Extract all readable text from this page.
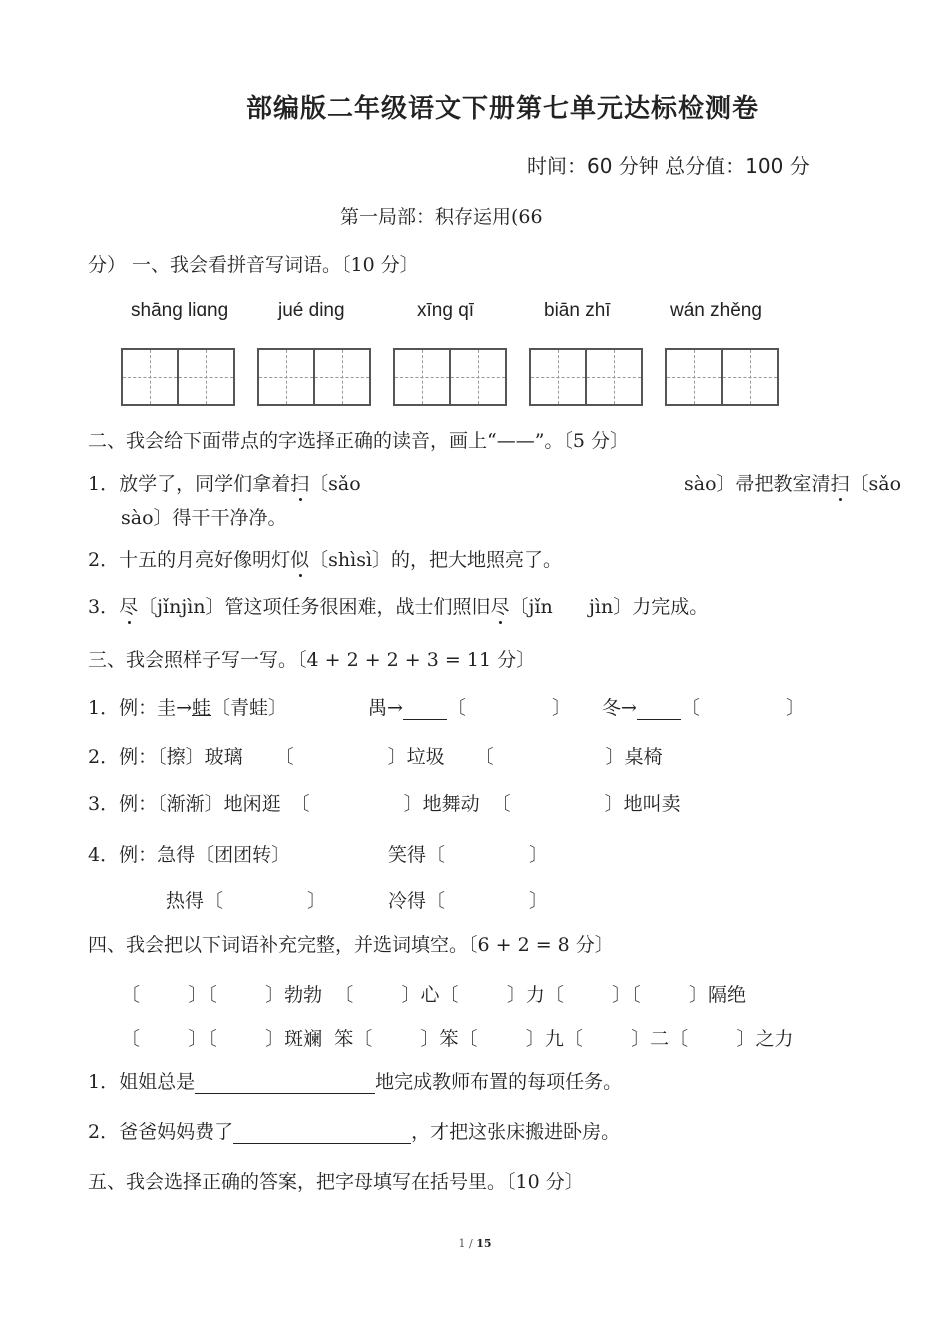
部编版二年级语文下册第七单元达标检测卷
时间：60 分钟 总分值：100 分
第一局部：积存运用(66
分） 一、我会看拼音写词语。〔10 分〕
shāng liɑng	jué ding	xīng qī	biān zhī	wán zhěng
二、我会给下面带点的字选择正确的读音，画上“——”。〔5 分〕
1．放学了，同学们拿着扫〔sǎo	sào〕帚把教室清扫〔sǎo
sào〕得干干净净。
2．十五的月亮好像明灯似〔shìsì〕的，把大地照亮了。
3．尽〔jǐnjìn〕管这项任务很困难，战士们照旧尽〔jǐn jìn〕力完成。
三、我会照样子写一写。〔4 + 2 + 2 + 3 = 11 分〕
1．例：圭→蛙〔青蛙〕	禺→ 〔	〕 冬→ 〔	〕
2．例：〔擦〕玻璃 〔	〕垃圾 〔	〕桌椅
3．例：〔渐渐〕地闲逛 〔	〕地舞动 〔	〕地叫卖
4．例：急得〔团团转〕	笑得〔	〕
热得〔	〕	冷得〔	〕
四、我会把以下词语补充完整，并选词填空。〔6 + 2 = 8 分〕
〔        〕〔        〕勃勃  〔        〕心〔        〕力〔        〕〔        〕隔绝
〔        〕〔        〕斑斓  笨〔        〕笨〔        〕九〔        〕二〔        〕之力
1．姐姐总是	地完成教师布置的每项任务。
2．爸爸妈妈费了	，才把这张床搬进卧房。
五、我会选择正确的答案，把字母填写在括号里。〔10 分〕
1 / 15
